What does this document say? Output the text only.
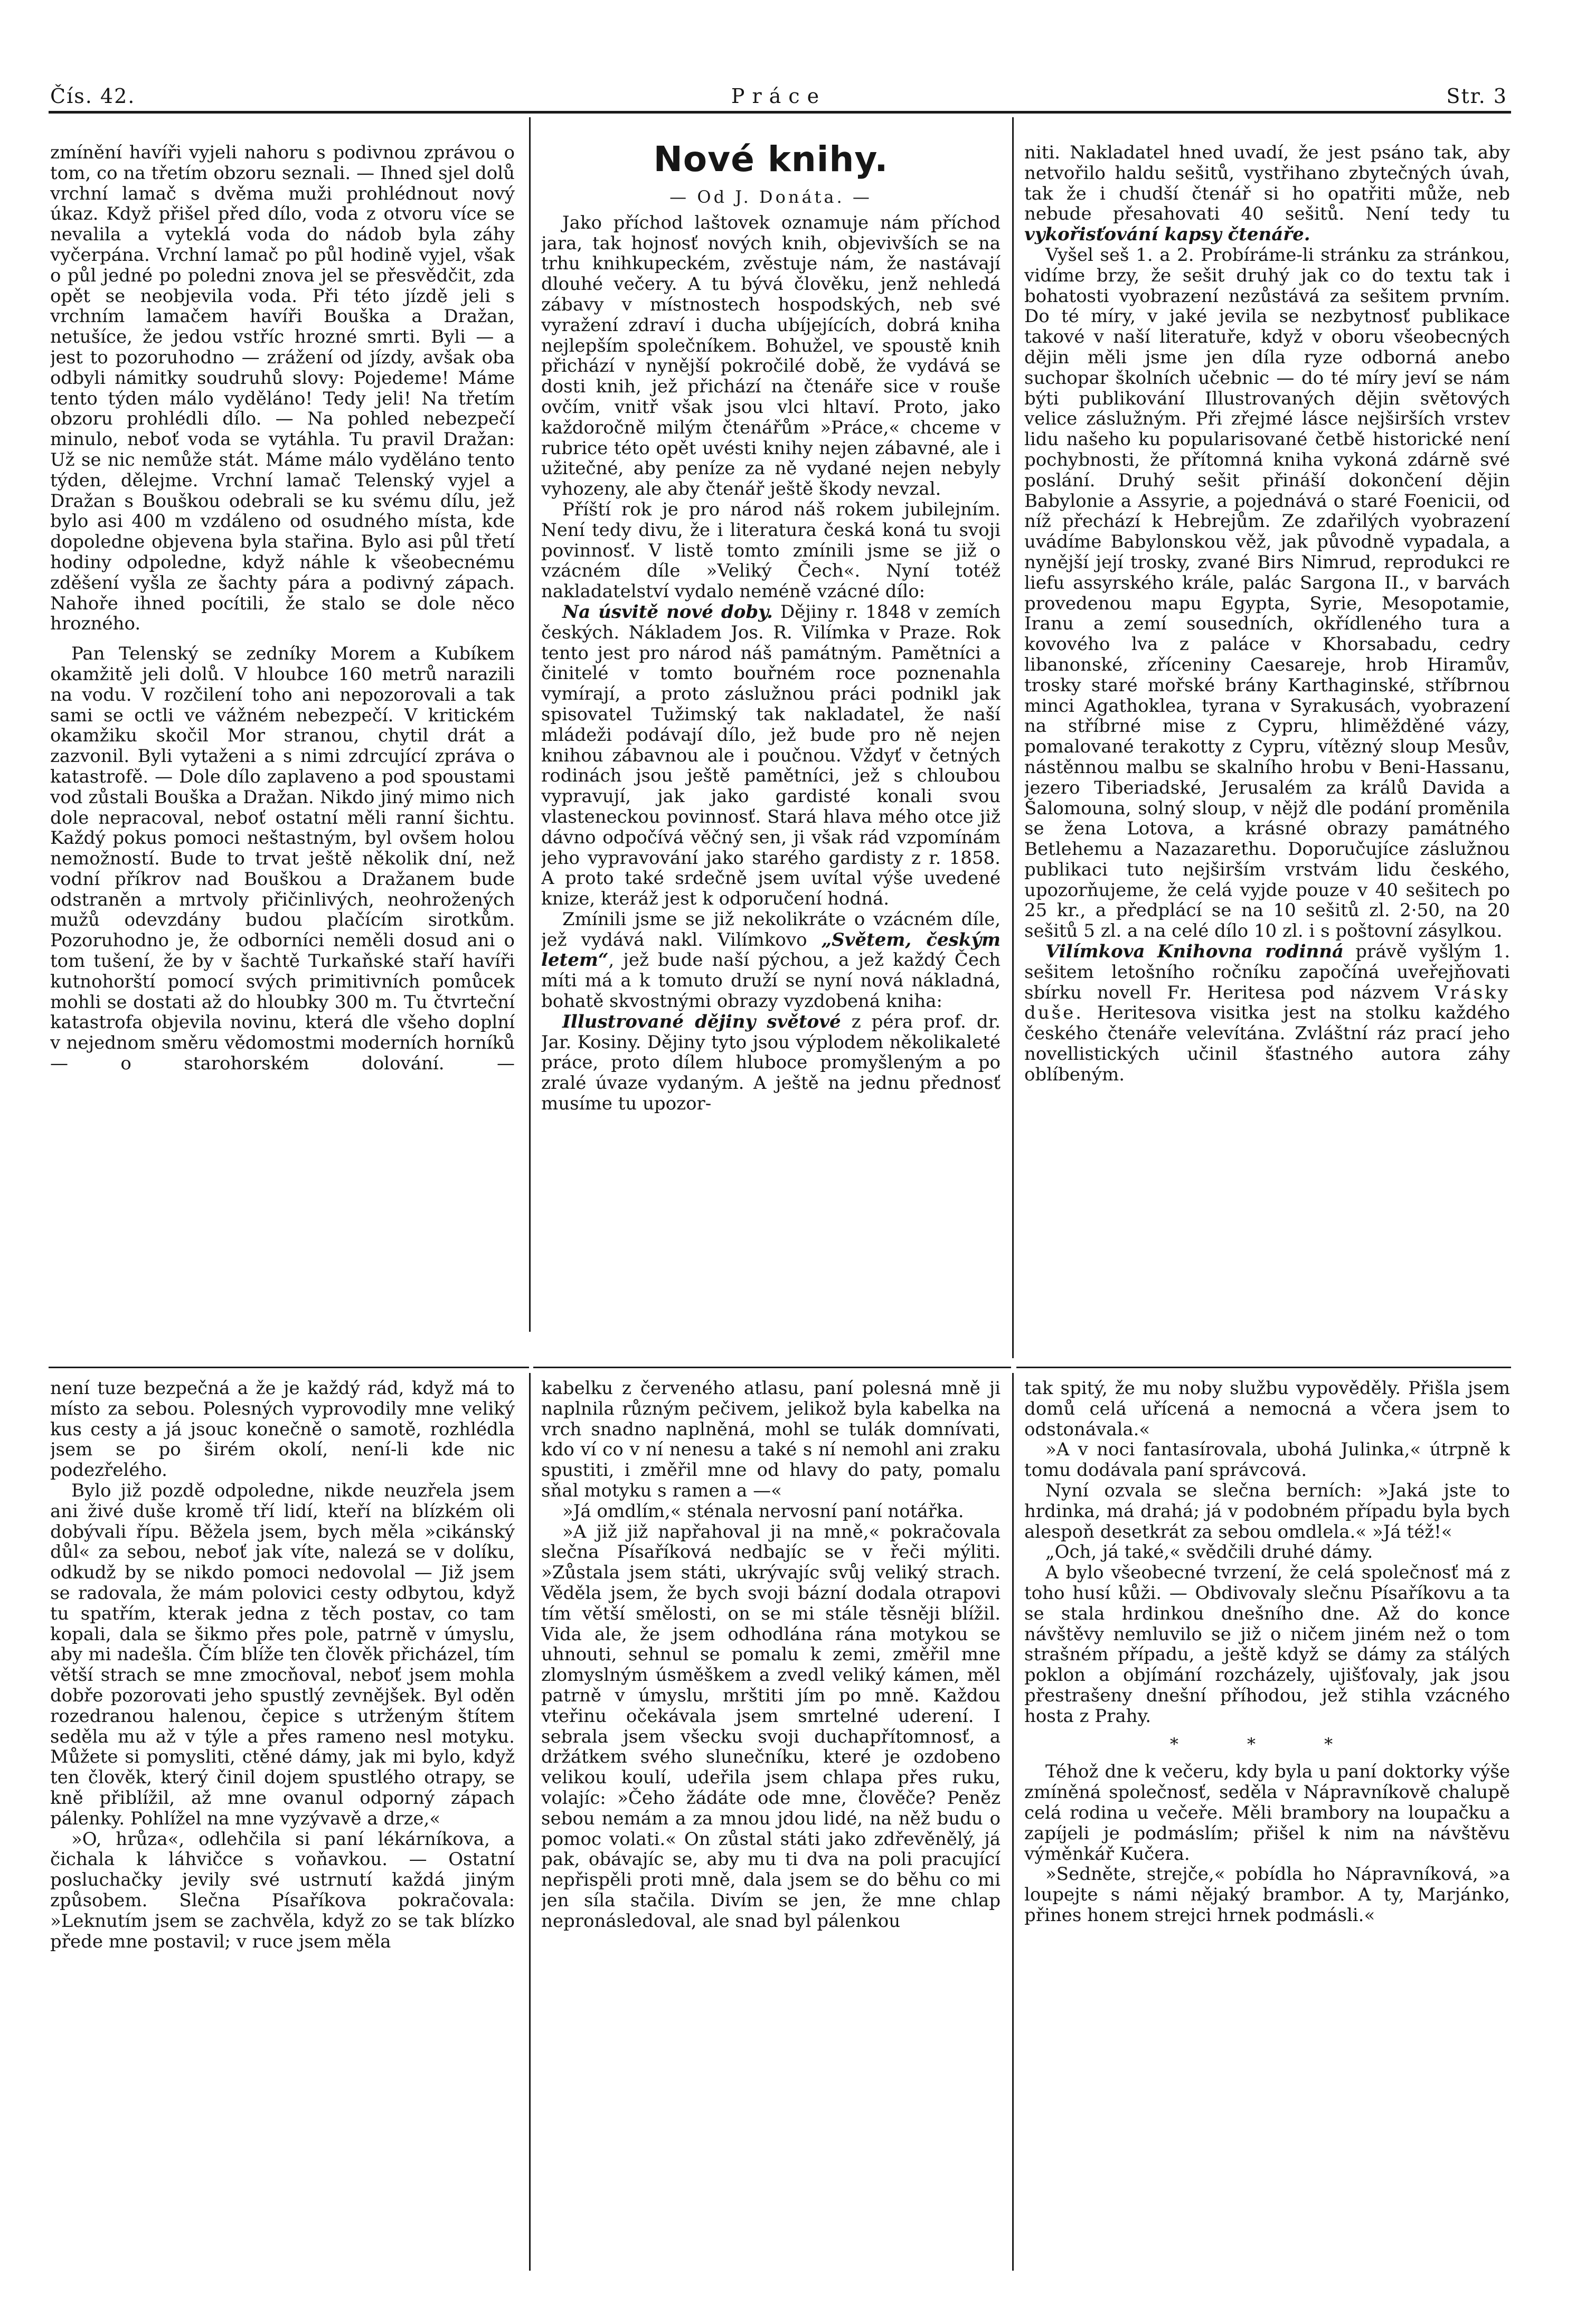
Čís. 42.	Práce	Str. 3

zmínění havíři vyjeli nahoru s podivnou zprávou o tom, co na třetím obzoru seznali. — Ihned sjel dolů vrchní lamač s dvěma muži prohlédnout nový úkaz. Když přišel před dílo, voda z otvoru více se nevalila a vyteklá voda do nádob byla záhy vyčerpána. Vrchní lamač po půl hodině vyjel, však o půl jedné po poledni znova jel se přesvědčit, zda opět se neobjevila voda. Při této jízdě jeli s vrchním lamačem havíři Bouška a Dražan, netušíce, že jedou vstříc hrozné smrti. Byli — a jest to pozoruhodno — zrážení od jízdy, avšak oba odbyli námitky soudruhů slovy: Pojedeme! Máme tento týden málo vyděláno! Tedy jeli! Na třetím obzoru prohlédli dílo. — Na pohled nebezpečí minulo, neboť voda se vytáhla. Tu pravil Dražan: Už se nic nemůže stát. Máme málo vyděláno tento týden, dělejme. Vrchní lamač Telenský vyjel a Dražan s Bouškou odebrali se ku svému dílu, jež bylo asi 400 m vzdáleno od osudného místa, kde dopoledne objevena byla stařina. Bylo asi půl třetí hodiny odpoledne, když náhle k všeobecnému zděšení vyšla ze šachty pára a podivný zápach. Nahoře ihned pocítili, že stalo se dole něco hrozného.

Pan Telenský se zedníky Morem a Kubíkem okamžitě jeli dolů. V hloubce 160 metrů narazili na vodu. V rozčilení toho ani nepozorovali a tak sami se octli ve vážném nebezpečí. V kritickém okamžiku skočil Mor stranou, chytil drát a zazvonil. Byli vytaženi a s nimi zdrcující zpráva o katastrofě. — Dole dílo zaplaveno a pod spoustami vod zůstali Bouška a Dražan. Nikdo jiný mimo nich dole nepracoval, neboť ostatní měli ranní šichtu. Každý pokus pomoci neštastným, byl ovšem holou nemožností. Bude to trvat ještě několik dní, než vodní příkrov nad Bouškou a Dražanem bude odstraněn a mrtvoly přičinlivých, neohrožených mužů odevzdány budou plačícím sirotkům. Pozoruhodno je, že odborníci neměli dosud ani o tom tušení, že by v šachtě Turkaňské staří havíři kutnohorští pomocí svých primitivních pomůcek mohli se dostati až do hloubky 300 m. Tu čtvrteční katastrofa objevila novinu, která dle všeho doplní v nejednom směru vědomostmi moderních horníků — o starohorském dolování. —

Nové knihy.
— Od J. Donáta. —

Jako příchod laštovek oznamuje nám příchod jara, tak hojnosť nových knih, objevivších se na trhu knihkupeckém, zvěstuje nám, že nastávají dlouhé večery. A tu bývá člověku, jenž nehledá zábavy v místnostech hospodských, neb své vyražení zdraví i ducha ubíjejících, dobrá kniha nejlepším společníkem. Bohužel, ve spoustě knih přichází v nynější pokročilé době, že vydává se dosti knih, jež přichází na čtenáře sice v rouše ovčím, vnitř však jsou vlci hltaví. Proto, jako každoročně milým čtenářům »Práce,« chceme v rubrice této opět uvésti knihy nejen zábavné, ale i užitečné, aby peníze za ně vydané nejen nebyly vyhozeny, ale aby čtenář ještě škody nevzal.

Příští rok je pro národ náš rokem jubilejním. Není tedy divu, že i literatura česká koná tu svoji povinnosť. V listě tomto zmínili jsme se již o vzácném díle »Veliký Čech«. Nyní totéž nakladatelství vydalo neméně vzácné dílo:

Na úsvitě nové doby. Dějiny r. 1848 v zemích českých. Nákladem Jos. R. Vilímka v Praze. Rok tento jest pro národ náš památným. Pamětníci a činitelé v tomto bouřném roce poznenahla vymírají, a proto záslužnou práci podnikl jak spisovatel Tužimský tak nakladatel, že naší mládeži podávají dílo, jež bude pro ně nejen knihou zábavnou ale i poučnou. Vždyť v četných rodinách jsou ještě pamětníci, jež s chloubou vypravují, jak jako gardisté konali svou vlasteneckou povinnosť. Stará hlava mého otce již dávno odpočívá věčný sen, ji však rád vzpomínám jeho vypravování jako starého gardisty z r. 1858. A proto také srdečně jsem uvítal výše uvedené knize, kteráž jest k odporučení hodná.

Zmínili jsme se již nekolikráte o vzácném díle, jež vydává nakl. Vilímkovo „Světem, českým letem“, jež bude naší pýchou, a jež každý Čech míti má a k tomuto druží se nyní nová nákladná, bohatě skvostnými obrazy vyzdobená kniha:

Illustrované dějiny světové z péra prof. dr. Jar. Kosiny. Dějiny tyto jsou výplodem několikaleté práce, proto dílem hluboce promyšleným a po zralé úvaze vydaným. A ještě na jednu přednosť musíme tu upozor-

niti. Nakladatel hned uvadí, že jest psáno tak, aby netvořilo haldu sešitů, vystřihano zbytečných úvah, tak že i chudší čtenář si ho opatřiti může, neb nebude přesahovati 40 sešitů. Není tedy tu vykořisťování kapsy čtenáře.

Vyšel seš 1. a 2. Probíráme-li stránku za stránkou, vidíme brzy, že sešit druhý jak co do textu tak i bohatosti vyobrazení nezůstává za sešitem prvním. Do té míry, v jaké jevila se nezbytnosť publikace takové v naší literatuře, když v oboru všeobecných dějin měli jsme jen díla ryze odborná anebo suchopar školních učebnic — do té míry jeví se nám býti publikování Illustrovaných dějin světových velice záslužným. Při zřejmé lásce nejširších vrstev lidu našeho ku popularisované četbě historické není pochybnosti, že přítomná kniha vykoná zdárně své poslání. Druhý sešit přináší dokončení dějin Babylonie a Assyrie, a pojednává o staré Foenicii, od níž přechází k Hebrejům. Ze zdařilých vyobrazení uvádíme Babylonskou věž, jak původně vypadala, a nynější její trosky, zvané Birs Nimrud, reprodukci re liefu assyrského krále, palác Sargona II., v barvách provedenou mapu Egypta, Syrie, Mesopotamie, Iranu a zemí sousedních, okřídleného tura a kovového lva z paláce v Khorsabadu, cedry libanonské, zříceniny Caesareje, hrob Hiramův, trosky staré mořské brány Karthaginské, stříbrnou minci Agathoklea, tyrana v Syrakusách, vyobrazení na stříbrné mise z Cypru, hliměžděné vázy, pomalované terakotty z Cypru, vítězný sloup Mesův, nástěnnou malbu se skalního hrobu v Beni-Hassanu, jezero Tiberiadské, Jerusalém za králů Davida a Šalomouna, solný sloup, v nějž dle podání proměnila se žena Lotova, a krásné obrazy památného Betlehemu a Nazazarethu. Doporučujíce záslužnou publikaci tuto nejširším vrstvám lidu českého, upozorňujeme, že celá vyjde pouze v 40 sešitech po 25 kr., a předplácí se na 10 sešitů zl. 2·50, na 20 sešitů 5 zl. a na celé dílo 10 zl. i s poštovní zásylkou.

Vilímkova Knihovna rodinná právě vyšlým 1. sešitem letošního ročníku započíná uveřejňovati sbírku novell Fr. Heritesa pod názvem Vrásky duše. Heritesova visitka jest na stolku každého českého čtenáře velevítána. Zvláštní ráz prací jeho novellistických učinil šťastného autora záhy oblíbeným.

není tuze bezpečná a že je každý rád, když má to místo za sebou. Polesných vyprovodily mne veliký kus cesty a já jsouc konečně o samotě, rozhlédla jsem se po širém okolí, není-li kde nic podezřelého.

Bylo již pozdě odpoledne, nikde neuzřela jsem ani živé duše kromě tří lidí, kteří na blízkém oli dobývali řípu. Běžela jsem, bych měla »cikánský důl« za sebou, neboť jak víte, nalezá se v dolíku, odkudž by se nikdo pomoci nedovolal — Již jsem se radovala, že mám polovici cesty odbytou, když tu spatřím, kterak jedna z těch postav, co tam kopali, dala se šikmo přes pole, patrně v úmyslu, aby mi nadešla. Čím blíže ten člověk přicházel, tím větší strach se mne zmocňoval, neboť jsem mohla dobře pozorovati jeho spustlý zevnějšek. Byl oděn rozedranou halenou, čepice s utrženým štítem seděla mu až v týle a přes rameno nesl motyku. Můžete si pomysliti, ctěné dámy, jak mi bylo, když ten člověk, který činil dojem spustlého otrapy, se kně přiblížil, až mne ovanul odporný zápach pálenky. Pohlížel na mne vyzývavě a drze,«

»O, hrůza«, odlehčila si paní lékárníkova, a čichala k láhvičce s voňavkou. — Ostatní posluchačky jevily své ustrnutí každá jiným způsobem. Slečna Písaříkova pokračovala: »Leknutím jsem se zachvěla, když zo se tak blízko přede mne postavil; v ruce jsem měla

kabelku z červeného atlasu, paní polesná mně ji naplnila různým pečivem, jelikož byla kabelka na vrch snadno naplněná, mohl se tulák domnívati, kdo ví co v ní nenesu a také s ní nemohl ani zraku spustiti, i změřil mne od hlavy do paty, pomalu sňal motyku s ramen a —«

»Já omdlím,« sténala nervosní paní notářka.

»A již již napřahoval ji na mně,« pokračovala slečna Písaříková nedbajíc se v řeči mýliti. »Zůstala jsem státi, ukrývajíc svůj veliký strach. Věděla jsem, že bych svoji bázní dodala otrapovi tím větší smělosti, on se mi stále těsněji blížil. Vida ale, že jsem odhodlána rána motykou se uhnouti, sehnul se pomalu k zemi, změřil mne zlomyslným úsměškem a zvedl veliký kámen, měl patrně v úmyslu, mrštiti jím po mně. Každou vteřinu očekávala jsem smrtelné uderení. I sebrala jsem všecku svoji duchapřítomnosť, a držátkem svého slunečníku, které je ozdobeno velikou koulí, udeřila jsem chlapa přes ruku, volajíc: »Čeho žádáte ode mne, člověče? Peněz sebou nemám a za mnou jdou lidé, na něž budu o pomoc volati.« On zůstal státi jako zdřevěnělý, já pak, obávajíc se, aby mu ti dva na poli pracující nepřispěli proti mně, dala jsem se do běhu co mi jen síla stačila. Divím se jen, že mne chlap nepronásledoval, ale snad byl pálenkou

tak spitý, že mu noby službu vypověděly. Přišla jsem domů celá uřícená a nemocná a včera jsem to odstonávala.«

»A v noci fantasírovala, ubohá Julinka,« útrpně k tomu dodávala paní správcová.

Nyní ozvala se slečna berních: »Jaká jste to hrdinka, má drahá; já v podobném případu byla bych alespoň desetkrát za sebou omdlela.« »Já též!«

„Och, já také,« svědčili druhé dámy.

A bylo všeobecné tvrzení, že celá společnosť má z toho husí kůži. — Obdivovaly slečnu Písaříkovu a ta se stala hrdinkou dnešního dne. Až do konce návštěvy nemluvilo se již o ničem jiném než o tom strašném případu, a ještě když se dámy za stálých poklon a objímání rozcházely, ujišťovaly, jak jsou přestrašeny dnešní příhodou, jež stihla vzácného hosta z Prahy.

* * *

Téhož dne k večeru, kdy byla u paní doktorky výše zmíněná společnosť, seděla v Nápravníkově chalupě celá rodina u večeře. Měli brambory na loupačku a zapíjeli je podmáslím; přišel k nim na návštěvu výměnkář Kučera.

»Sedněte, strejče,« pobídla ho Nápravníková, »a loupejte s námi nějaký brambor. A ty, Marjánko, přines honem strejci hrnek podmásli.«
